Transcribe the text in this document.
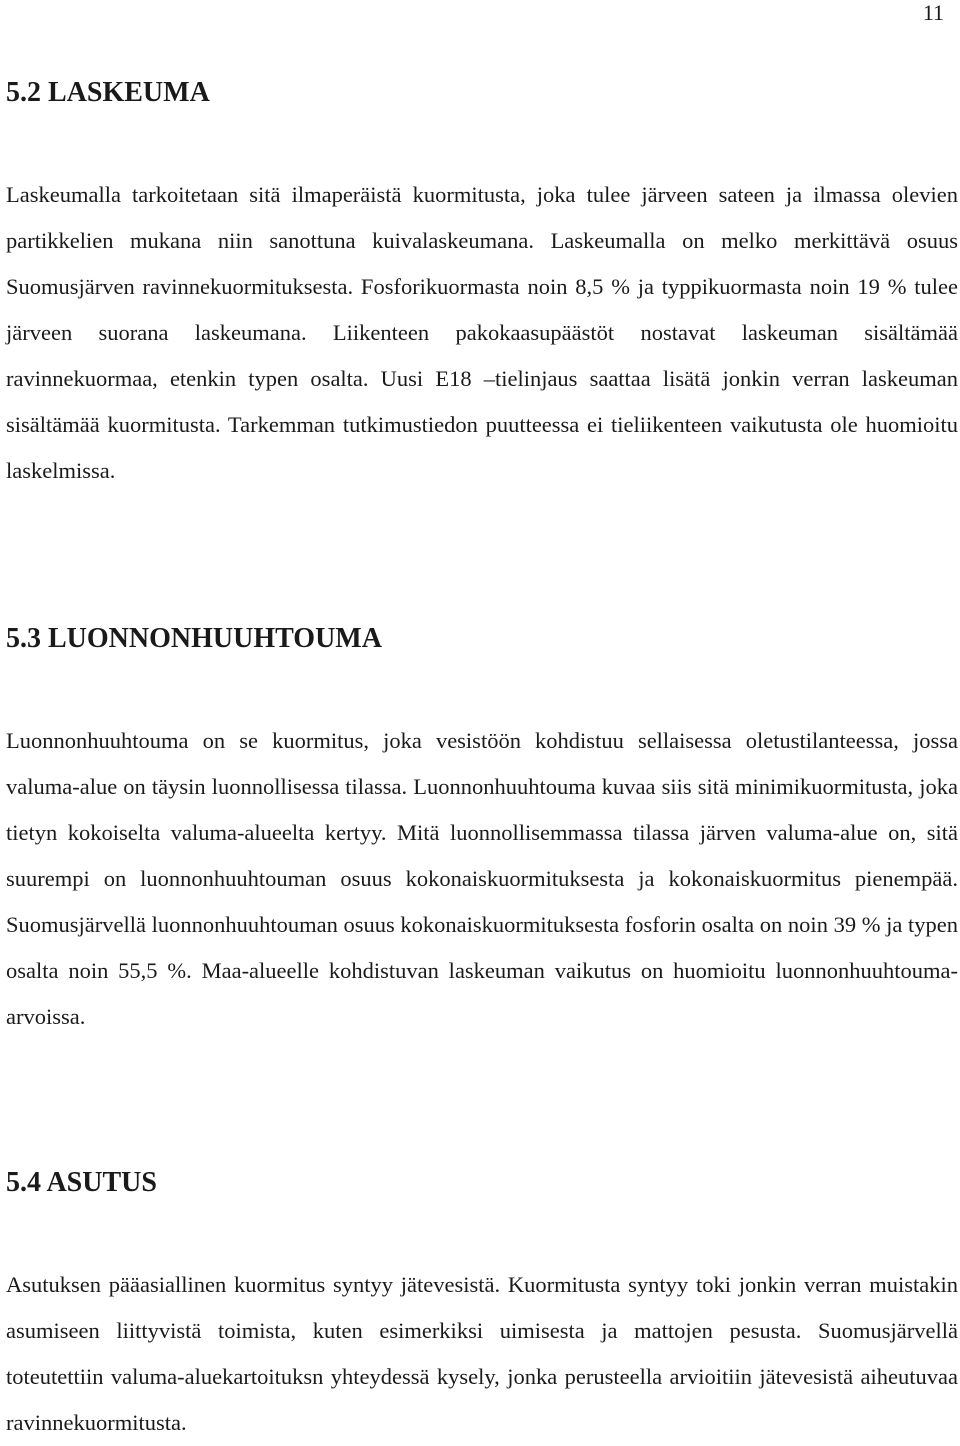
11
5.2 LASKEUMA

Laskeumalla tarkoitetaan sitä ilmaperäistä kuormitusta, joka tulee järveen sateen ja ilmassa olevien partikkelien mukana niin sanottuna kuivalaskeumana. Laskeumalla on melko merkittävä osuus Suomusjärven ravinnekuormituksesta. Fosforikuormasta noin 8,5 % ja typpikuormasta noin 19 % tulee järveen suorana laskeumana. Liikenteen pakokaasupäästöt nostavat laskeuman sisältämää ravinnekuormaa, etenkin typen osalta. Uusi E18 –tielinjaus saattaa lisätä jonkin verran laskeuman sisältämää kuormitusta. Tarkemman tutkimustiedon puutteessa ei tieliikenteen vaikutusta ole huomioitu laskelmissa.

5.3 LUONNONHUUHTOUMA

Luonnonhuuhtouma on se kuormitus, joka vesistöön kohdistuu sellaisessa oletustilanteessa, jossa valuma-alue on täysin luonnollisessa tilassa. Luonnonhuuhtouma kuvaa siis sitä minimikuormitusta, joka tietyn kokoiselta valuma-alueelta kertyy. Mitä luonnollisemmassa tilassa järven valuma-alue on, sitä suurempi on luonnonhuuhtouman osuus kokonaiskuormituksesta ja kokonaiskuormitus pienempää. Suomusjärvellä luonnonhuuhtouman osuus kokonaiskuormituksesta fosforin osalta on noin 39 % ja typen osalta noin 55,5 %. Maa-alueelle kohdistuvan laskeuman vaikutus on huomioitu luonnonhuuhtouma-arvoissa.

5.4 ASUTUS

Asutuksen pääasiallinen kuormitus syntyy jätevesistä. Kuormitusta syntyy toki jonkin verran muistakin asumiseen liittyvistä toimista, kuten esimerkiksi uimisesta ja mattojen pesusta. Suomusjärvellä toteutettiin valuma-aluekartoituksn yhteydessä kysely, jonka perusteella arvioitiin jätevesistä aiheutuvaa ravinnekuormitusta.
